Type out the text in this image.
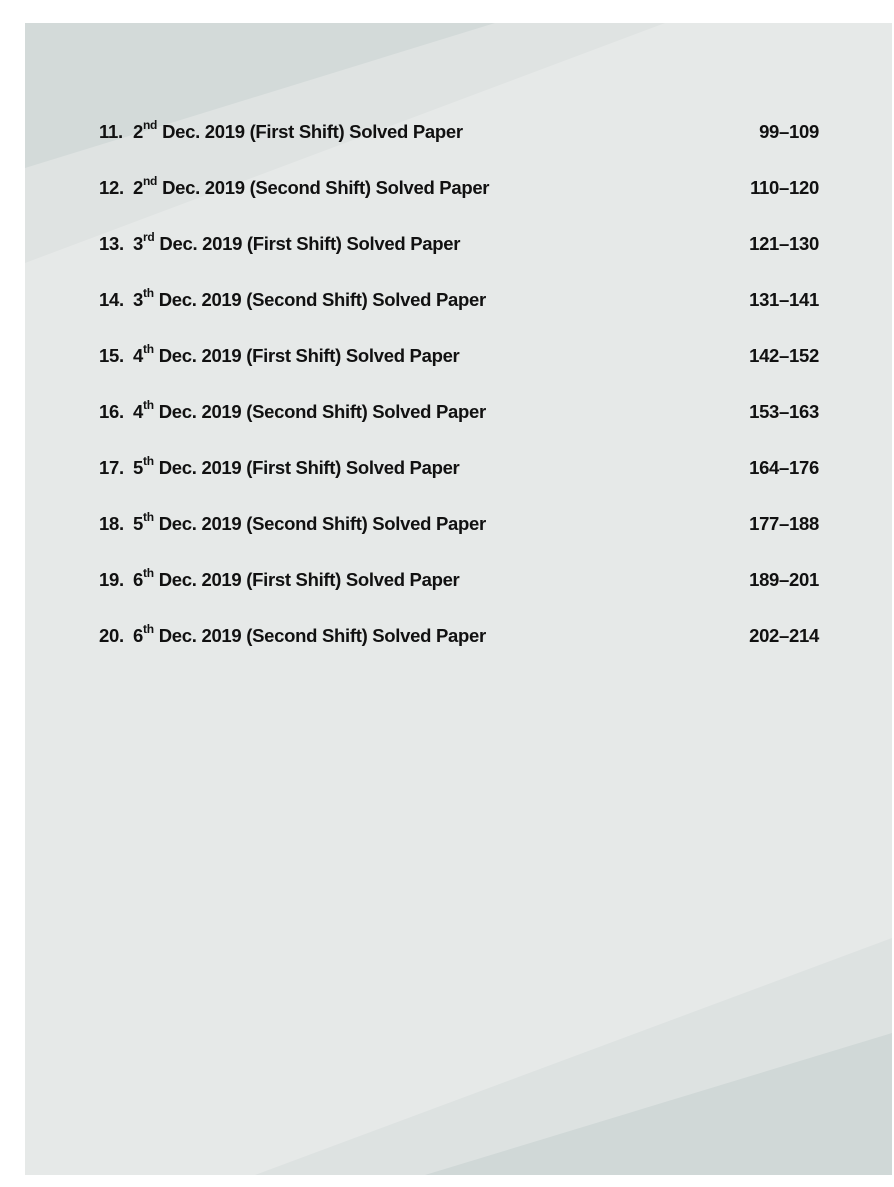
11. 2nd Dec. 2019 (First Shift) Solved Paper	99–109
12. 2nd Dec. 2019 (Second Shift) Solved Paper	110–120
13. 3rd Dec. 2019 (First Shift) Solved Paper	121–130
14. 3th Dec. 2019 (Second Shift) Solved Paper	131–141
15. 4th Dec. 2019 (First Shift) Solved Paper	142–152
16. 4th Dec. 2019 (Second Shift) Solved Paper	153–163
17. 5th Dec. 2019 (First Shift) Solved Paper	164–176
18. 5th Dec. 2019 (Second Shift) Solved Paper	177–188
19. 6th Dec. 2019 (First Shift) Solved Paper	189–201
20. 6th Dec. 2019 (Second Shift) Solved Paper	202–214
